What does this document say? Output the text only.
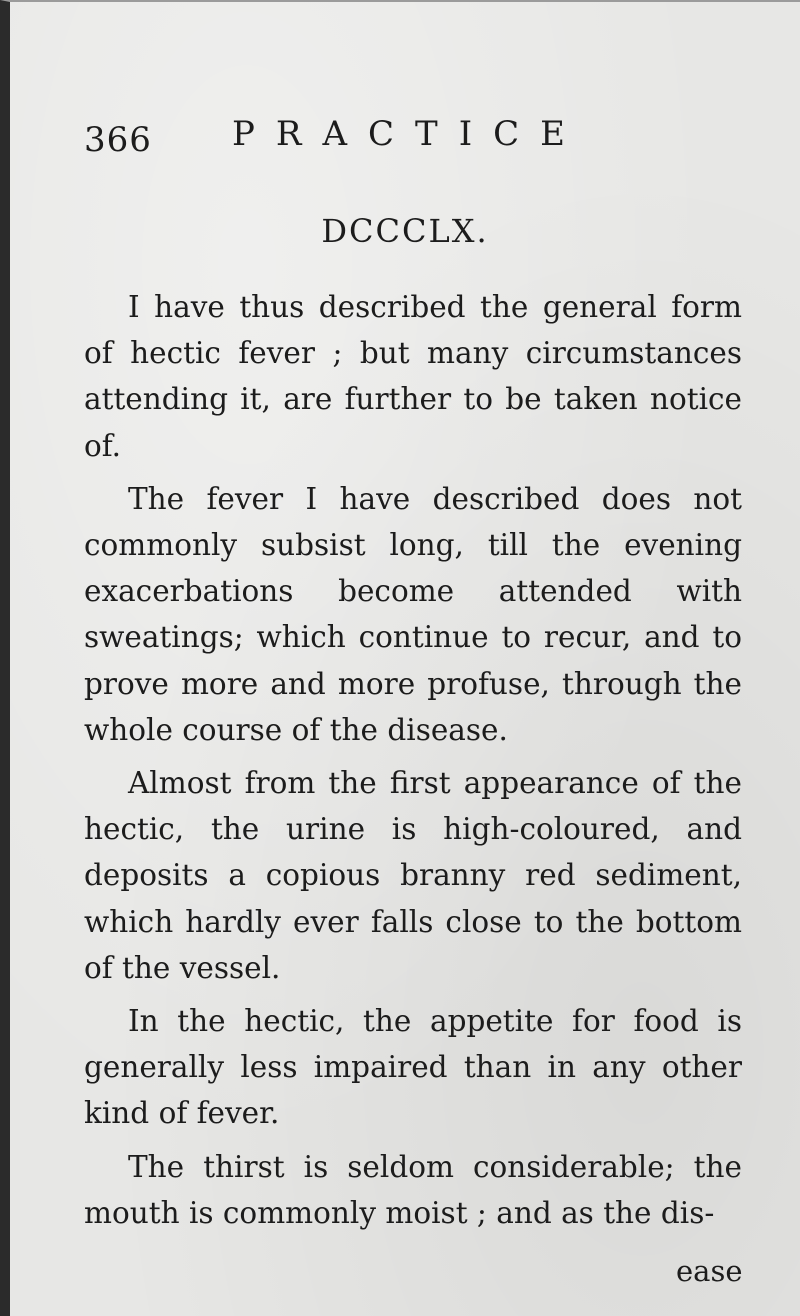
366 PRACTICE
DCCCLX.

I have thus described the general form of hectic fever ; but many circumstances attending it, are further to be taken notice of.

The fever I have described does not commonly subsist long, till the evening exacerbations become attended with sweatings; which continue to recur, and to prove more and more profuse, through the whole course of the disease.

Almost from the first appearance of the hectic, the urine is high-coloured, and deposits a copious branny red sediment, which hardly ever falls close to the bottom of the vessel.

In the hectic, the appetite for food is generally less impaired than in any other kind of fever.

The thirst is seldom considerable; the mouth is commonly moist ; and as the dis-

ease
